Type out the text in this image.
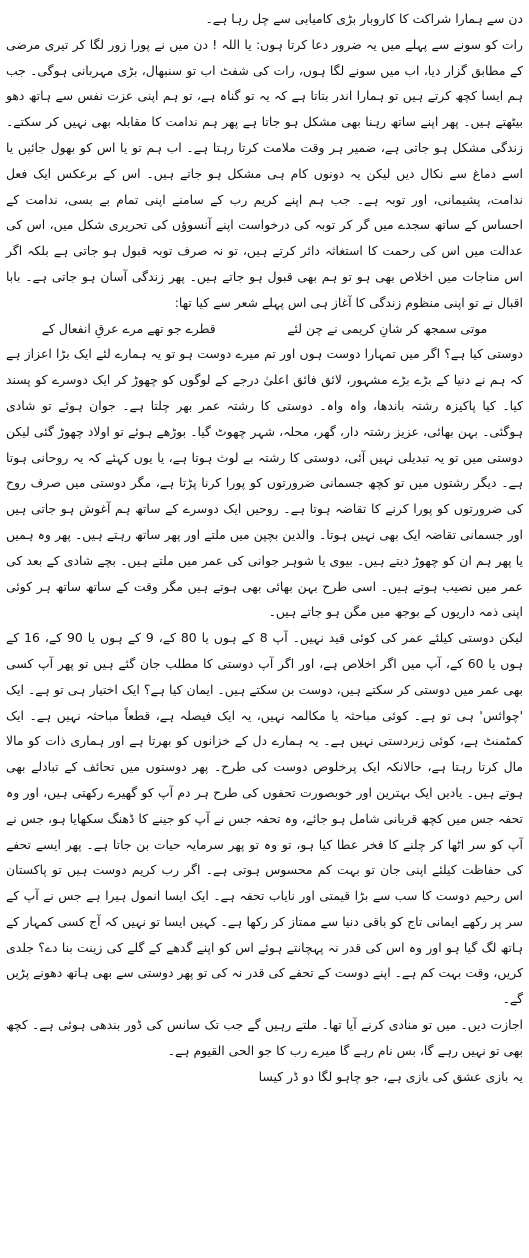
دن سے ہمارا شراکت کا کاروبار بڑی کامیابی سے چل رہا ہے۔

رات کو سونے سے پہلے میں یہ ضرور دعا کرتا ہوں: یا اللہ ! دن میں نے پورا زور لگا کر تیری مرضی کے مطابق گزار دیا، اب میں سونے لگا ہوں، رات کی شفٹ اب تو سنبھال، بڑی مہربانی ہوگی۔ جب ہم ایسا کچھ کرتے ہیں تو ہمارا اندر بتاتا ہے کہ یہ تو گناہ ہے، تو ہم اپنی عزت نفس سے ہاتھ دھو بیٹھتے ہیں۔ پھر اپنے ساتھ رہنا بھی مشکل ہو جاتا ہے پھر ہم ندامت کا مقابلہ بھی نہیں کر سکتے۔ زندگی مشکل ہو جاتی ہے، ضمیر ہر وقت ملامت کرتا رہتا ہے۔ اب ہم تو یا اس کو بھول جائیں یا اسے دماغ سے نکال دیں لیکن یہ دونوں کام ہی مشکل ہو جاتے ہیں۔ اس کے برعکس ایک فعل ندامت، پشیمانی، اور توبہ ہے۔ جب ہم اپنے کریم رب کے سامنے اپنی تمام بے بسی، ندامت کے احساس کے ساتھ سجدے میں گر کر توبہ کی درخواست اپنے آنسوؤں کی تحریری شکل میں، اس کی عدالت میں اس کی رحمت کا استغاثہ دائر کرتے ہیں، تو نہ صرف توبہ قبول ہو جاتی ہے بلکہ اگر اس مناجات میں اخلاص بھی ہو تو ہم بھی قبول ہو جاتے ہیں۔ پھر زندگی آسان ہو جاتی ہے۔ بابا اقبال نے تو اپنی منظوم زندگی کا آغاز ہی اس پہلے شعر سے کیا تھا:

موتی سمجھ کر شانِ کریمی نے چن لئے
قطرے جو تھے مرے عرقِ انفعال کے

دوستی کیا ہے؟ اگر میں تمہارا دوست ہوں اور تم میرے دوست ہو تو یہ ہمارے لئے ایک بڑا اعزاز ہے کہ ہم نے دنیا کے بڑے بڑے مشہور، لائق فائق اعلیٰ درجے کے لوگوں کو چھوڑ کر ایک دوسرے کو پسند کیا۔ کیا پاکیزہ رشتہ باندھا، واہ واہ۔ دوستی کا رشتہ عمر بھر چلتا ہے۔ جوان ہوئے تو شادی ہوگئی۔ بہن بھائی، عزیز رشتہ دار، گھر، محلہ، شہر چھوٹ گیا۔ بوڑھے ہوئے تو اولاد چھوڑ گئی لیکن دوستی میں تو یہ تبدیلی نہیں آئی، دوستی کا رشتہ بے لوث ہوتا ہے، یا یوں کہئے کہ یہ روحانی ہوتا ہے۔ دیگر رشتوں میں تو کچھ جسمانی ضرورتوں کو پورا کرنا پڑتا ہے، مگر دوستی میں صرف روح کی ضرورتوں کو پورا کرنے کا تقاضہ ہوتا ہے۔ روحیں ایک دوسرے کے ساتھ ہم آغوش ہو جاتی ہیں اور جسمانی تقاضہ ایک بھی نہیں ہوتا۔ والدین بچپن میں ملتے اور پھر ساتھ رہتے ہیں۔ پھر وہ ہمیں یا پھر ہم ان کو چھوڑ دیتے ہیں۔ بیوی یا شوہر جوانی کی عمر میں ملتے ہیں۔ بچے شادی کے بعد کی عمر میں نصیب ہوتے ہیں۔ اسی طرح بہن بھائی بھی ہوتے ہیں مگر وقت کے ساتھ ساتھ ہر کوئی اپنی ذمہ داریوں کے بوجھ میں مگن ہو جاتے ہیں۔

لیکن دوستی کیلئے عمر کی کوئی قید نہیں۔ آپ 8 کے ہوں یا 80 کے، 9 کے ہوں یا 90 کے، 16 کے ہوں یا 60 کے، آپ میں اگر اخلاص ہے، اور اگر آپ دوستی کا مطلب جان گئے ہیں تو پھر آپ کسی بھی عمر میں دوستی کر سکتے ہیں، دوست بن سکتے ہیں۔ ایمان کیا ہے؟ ایک اختیار ہی تو ہے۔ ایک 'چوائس' ہی تو ہے۔ کوئی مباحثہ یا مکالمہ نہیں، یہ ایک فیصلہ ہے، قطعاً مباحثہ نہیں ہے۔ ایک کمٹمنٹ ہے، کوئی زبردستی نہیں ہے۔ یہ ہمارے دل کے خزانوں کو بھرتا ہے اور ہماری ذات کو مالا مال کرتا رہتا ہے، حالانکہ ایک پرخلوص دوست کی طرح۔ پھر دوستوں میں تحائف کے تبادلے بھی ہوتے ہیں۔ یادیں ایک بہترین اور خوبصورت تحفوں کی طرح ہر دم آپ کو گھیرے رکھتی ہیں، اور وہ تحفہ جس میں کچھ قربانی شامل ہو جائے، وہ تحفہ جس نے آپ کو جینے کا ڈھنگ سکھایا ہو، جس نے آپ کو سر اٹھا کر چلنے کا فخر عطا کیا ہو، تو وہ تو پھر سرمایہ حیات بن جاتا ہے۔ پھر ایسے تحفے کی حفاظت کیلئے اپنی جان تو بہت کم محسوس ہوتی ہے۔ اگر رب کریم دوست ہیں تو پاکستان اس رحیم دوست کا سب سے بڑا قیمتی اور نایاب تحفہ ہے۔ ایک ایسا انمول ہیرا ہے جس نے آپ کے سر پر رکھے ایمانی تاج کو باقی دنیا سے ممتاز کر رکھا ہے۔ کہیں ایسا تو نہیں کہ آج کسی کمہار کے ہاتھ لگ گیا ہو اور وہ اس کی قدر نہ پہچانتے ہوئے اس کو اپنے گدھے کے گلے کی زینت بنا دے؟ جلدی کریں، وقت بہت کم ہے۔ اپنے دوست کے تحفے کی قدر نہ کی تو پھر دوستی سے بھی ہاتھ دھونے پڑیں گے۔

اجازت دیں۔ میں تو منادی کرنے آیا تھا۔ ملتے رہیں گے جب تک سانس کی ڈور بندھی ہوئی ہے۔ کچھ بھی تو نہیں رہے گا، بس نام رہے گا میرے رب کا جو الحی القیوم ہے۔

یہ بازی عشق کی بازی ہے، جو چاہو لگا دو ڈر کیسا
